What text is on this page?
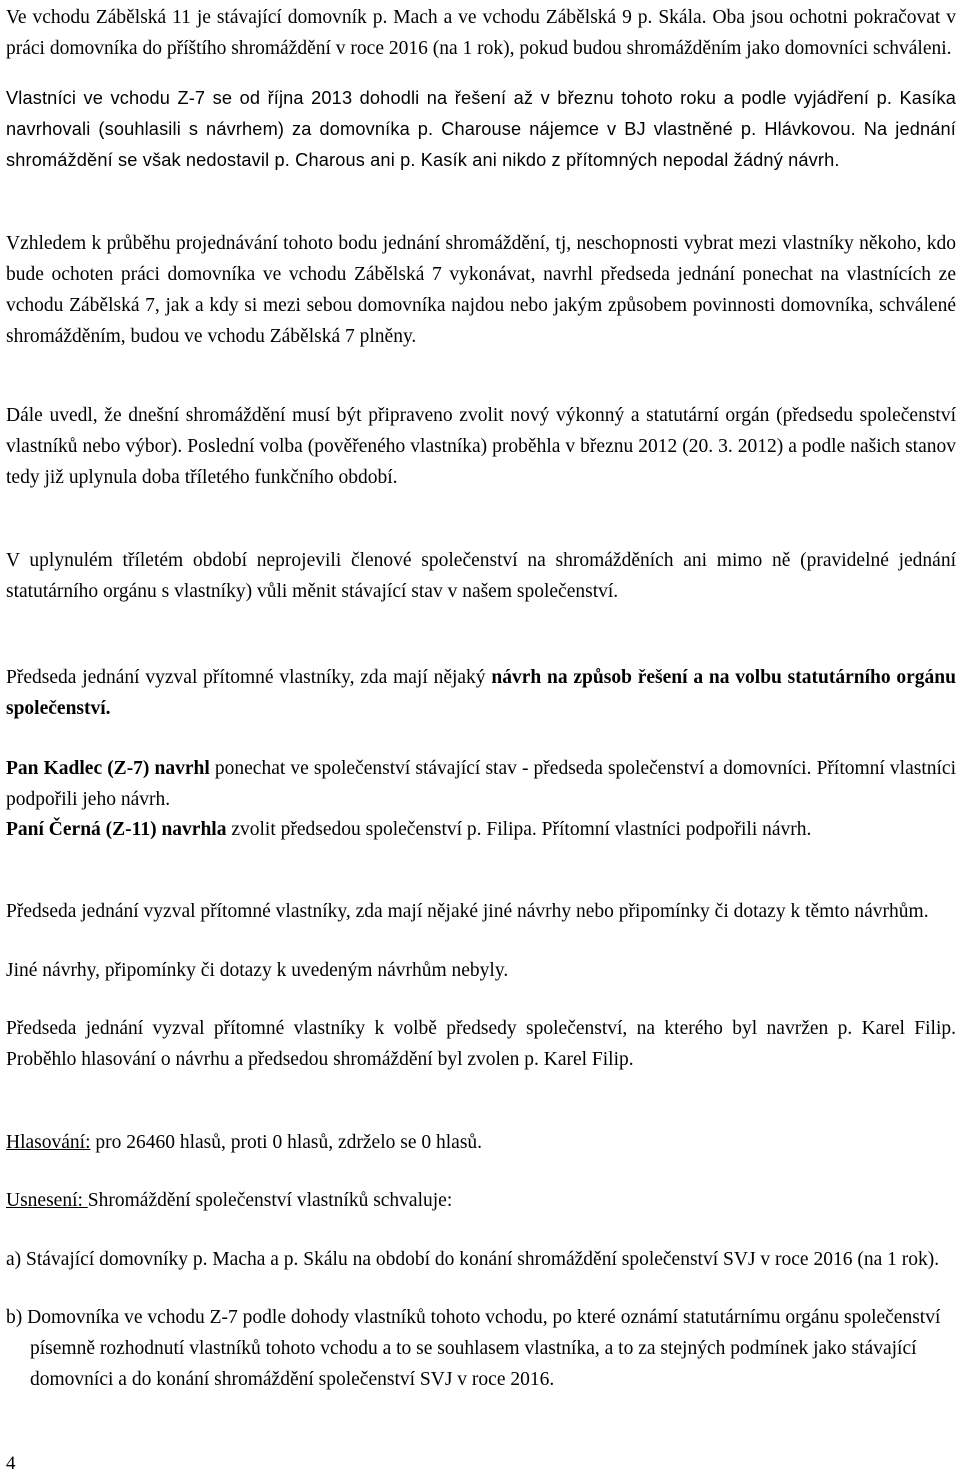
Ve vchodu Zábělská 11 je stávající domovník p. Mach a ve vchodu Zábělská 9 p. Skála. Oba jsou ochotni pokračovat v práci domovníka do příštího shromáždění v roce 2016 (na 1 rok), pokud budou shromážděním jako domovníci schváleni.

Vlastníci ve vchodu Z-7 se od října 2013 dohodli na řešení až v březnu tohoto roku a podle vyjádření p. Kasíka navrhovali (souhlasili s návrhem) za domovníka p. Charouse nájemce v BJ vlastněné p. Hlávkovou. Na jednání shromáždění se však nedostavil p. Charous ani p. Kasík ani nikdo z přítomných nepodal žádný návrh.

Vzhledem k průběhu projednávání tohoto bodu jednání shromáždění, tj, neschopnosti vybrat mezi vlastníky někoho, kdo bude ochoten práci domovníka ve vchodu Zábělská 7 vykonávat, navrhl předseda jednání ponechat na vlastnících ze vchodu Zábělská 7, jak a kdy si mezi sebou domovníka najdou nebo jakým způsobem povinnosti domovníka, schválené shromážděním, budou ve vchodu Zábělská 7 plněny.

Dále uvedl, že dnešní shromáždění musí být připraveno zvolit nový výkonný a statutární orgán (předsedu společenství vlastníků nebo výbor). Poslední volba (pověřeného vlastníka) proběhla v březnu 2012 (20. 3. 2012) a podle našich stanov tedy již uplynula doba tříletého funkčního období.

V uplynulém tříletém období neprojevili členové společenství na shromážděních ani mimo ně (pravidelné jednání statutárního orgánu s vlastníky) vůli měnit stávající stav v našem společenství.

Předseda jednání vyzval přítomné vlastníky, zda mají nějaký návrh na způsob řešení a na volbu statutárního orgánu společenství.

Pan Kadlec (Z-7) navrhl ponechat ve společenství stávající stav - předseda společenství a domovníci. Přítomní vlastníci podpořili jeho návrh.

Paní Černá (Z-11) navrhla zvolit předsedou společenství p. Filipa. Přítomní vlastníci podpořili návrh.

Předseda jednání vyzval přítomné vlastníky, zda mají nějaké jiné návrhy nebo připomínky či dotazy k těmto návrhům.

Jiné návrhy, připomínky či dotazy k uvedeným návrhům nebyly.

Předseda jednání vyzval přítomné vlastníky k volbě předsedy společenství, na kterého byl navržen p. Karel Filip. Proběhlo hlasování o návrhu a předsedou shromáždění byl zvolen p. Karel Filip.

Hlasování: pro 26460 hlasů, proti 0 hlasů, zdrželo se 0 hlasů.

Usnesení: Shromáždění společenství vlastníků schvaluje:

a) Stávající domovníky p. Macha a p. Skálu na období do konání shromáždění společenství SVJ v roce 2016 (na 1 rok).

b) Domovníka ve vchodu Z-7 podle dohody vlastníků tohoto vchodu, po které oznámí statutárnímu orgánu společenství písemně rozhodnutí vlastníků tohoto vchodu a to se souhlasem vlastníka, a to za stejných podmínek jako stávající domovníci a do konání shromáždění společenství SVJ v roce 2016.

4
